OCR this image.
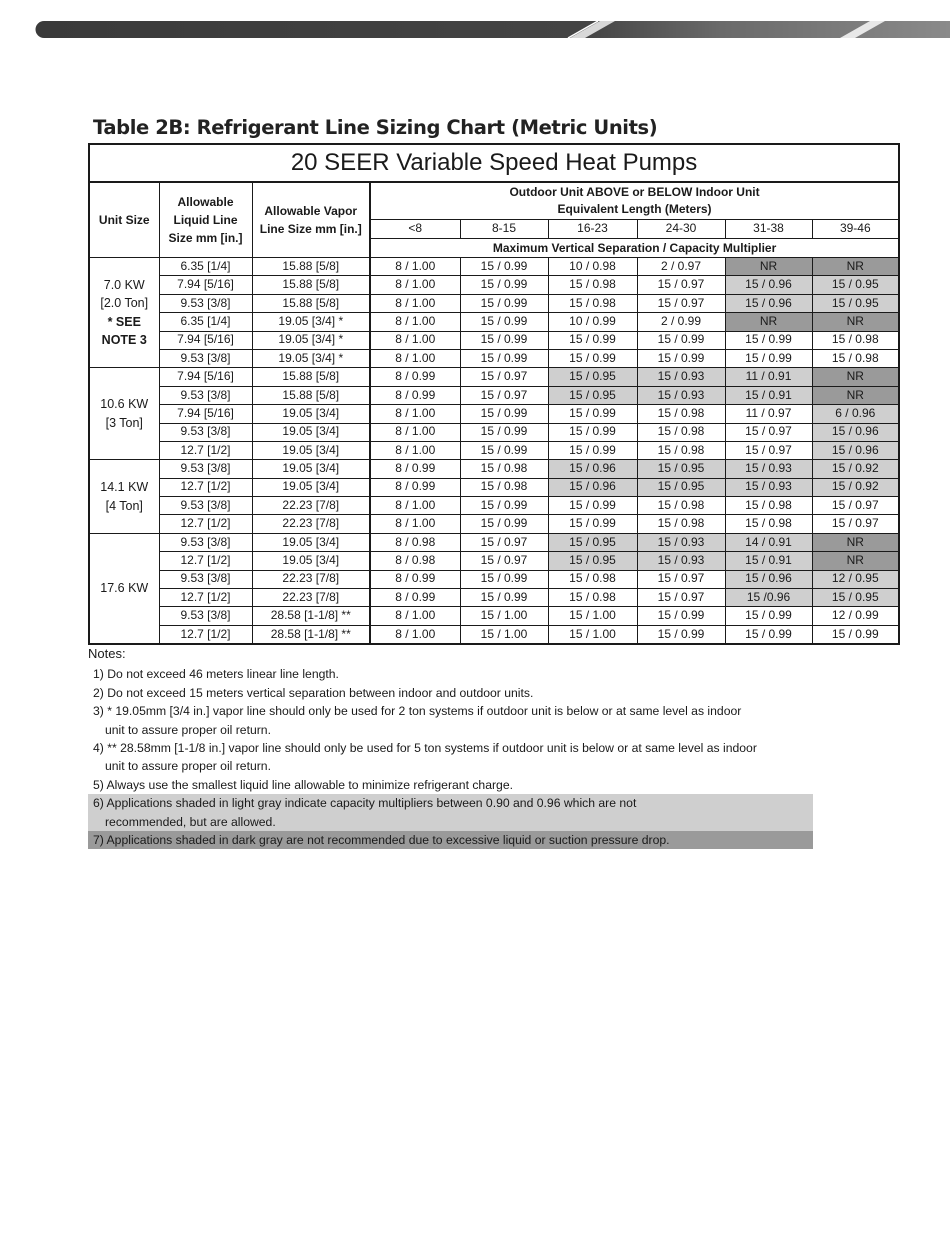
Table 2B: Refrigerant Line Sizing Chart (Metric Units)
20 SEER Variable Speed Heat Pumps								
Unit Size	Allowable Liquid Line Size mm [in.]	Allowable Vapor Line Size mm [in.]	Outdoor Unit ABOVE or BELOW Indoor Unit Equivalent Length (Meters)					
			<8	8-15	16-23	24-30	31-38	39-46
			Maximum Vertical Separation / Capacity Multiplier					
7.0 KW
[2.0 Ton]
* SEE
NOTE 3	6.35 [1/4]	15.88 [5/8]	8 / 1.00	15 / 0.99	10 / 0.98	2 / 0.97	NR	NR
	7.94 [5/16]	15.88 [5/8]	8 / 1.00	15 / 0.99	15 / 0.98	15 / 0.97	15 / 0.96	15 / 0.95
	9.53 [3/8]	15.88 [5/8]	8 / 1.00	15 / 0.99	15 / 0.98	15 / 0.97	15 / 0.96	15 / 0.95
	6.35 [1/4]	19.05 [3/4] *	8 / 1.00	15 / 0.99	10 / 0.99	2 / 0.99	NR	NR
	7.94 [5/16]	19.05 [3/4] *	8 / 1.00	15 / 0.99	15 / 0.99	15 / 0.99	15 / 0.99	15 / 0.98
	9.53 [3/8]	19.05 [3/4] *	8 / 1.00	15 / 0.99	15 / 0.99	15 / 0.99	15 / 0.99	15 / 0.98
10.6 KW
[3 Ton]	7.94 [5/16]	15.88 [5/8]	8 / 0.99	15 / 0.97	15 / 0.95	15 / 0.93	11 / 0.91	NR
	9.53 [3/8]	15.88 [5/8]	8 / 0.99	15 / 0.97	15 / 0.95	15 / 0.93	15 / 0.91	NR
	7.94 [5/16]	19.05 [3/4]	8 / 1.00	15 / 0.99	15 / 0.99	15 / 0.98	11 / 0.97	6 / 0.96
	9.53 [3/8]	19.05 [3/4]	8 / 1.00	15 / 0.99	15 / 0.99	15 / 0.98	15 / 0.97	15 / 0.96
	12.7 [1/2]	19.05 [3/4]	8 / 1.00	15 / 0.99	15 / 0.99	15 / 0.98	15 / 0.97	15 / 0.96
14.1 KW
[4 Ton]	9.53 [3/8]	19.05 [3/4]	8 / 0.99	15 / 0.98	15 / 0.96	15 / 0.95	15 / 0.93	15 / 0.92
	12.7 [1/2]	19.05 [3/4]	8 / 0.99	15 / 0.98	15 / 0.96	15 / 0.95	15 / 0.93	15 / 0.92
	9.53 [3/8]	22.23 [7/8]	8 / 1.00	15 / 0.99	15 / 0.99	15 / 0.98	15 / 0.98	15 / 0.97
	12.7 [1/2]	22.23 [7/8]	8 / 1.00	15 / 0.99	15 / 0.99	15 / 0.98	15 / 0.98	15 / 0.97
17.6 KW	9.53 [3/8]	19.05 [3/4]	8 / 0.98	15 / 0.97	15 / 0.95	15 / 0.93	14 / 0.91	NR
	12.7 [1/2]	19.05 [3/4]	8 / 0.98	15 / 0.97	15 / 0.95	15 / 0.93	15 / 0.91	NR
	9.53 [3/8]	22.23 [7/8]	8 / 0.99	15 / 0.99	15 / 0.98	15 / 0.97	15 / 0.96	12 / 0.95
	12.7 [1/2]	22.23 [7/8]	8 / 0.99	15 / 0.99	15 / 0.98	15 / 0.97	15 /0.96	15 / 0.95
	9.53 [3/8]	28.58 [1-1/8] **	8 / 1.00	15 / 1.00	15 / 1.00	15 / 0.99	15 / 0.99	12 / 0.99
	12.7 [1/2]	28.58 [1-1/8] **	8 / 1.00	15 / 1.00	15 / 1.00	15 / 0.99	15 / 0.99	15 / 0.99
Notes:
1) Do not exceed 46 meters linear line length.
2) Do not exceed 15 meters vertical separation between indoor and outdoor units.
3) * 19.05mm [3/4 in.] vapor line should only be used for 2 ton systems if outdoor unit is below or at same level as indoor
unit to assure proper oil return.
4) ** 28.58mm [1-1/8 in.] vapor line should only be used for 5 ton systems if outdoor unit is below or at same level as indoor
unit to assure proper oil return.
5) Always use the smallest liquid line allowable to minimize refrigerant charge.
6) Applications shaded in light gray indicate capacity multipliers between 0.90 and 0.96 which are not
recommended, but are allowed.
7) Applications shaded in dark gray are not recommended due to excessive liquid or suction pressure drop.
